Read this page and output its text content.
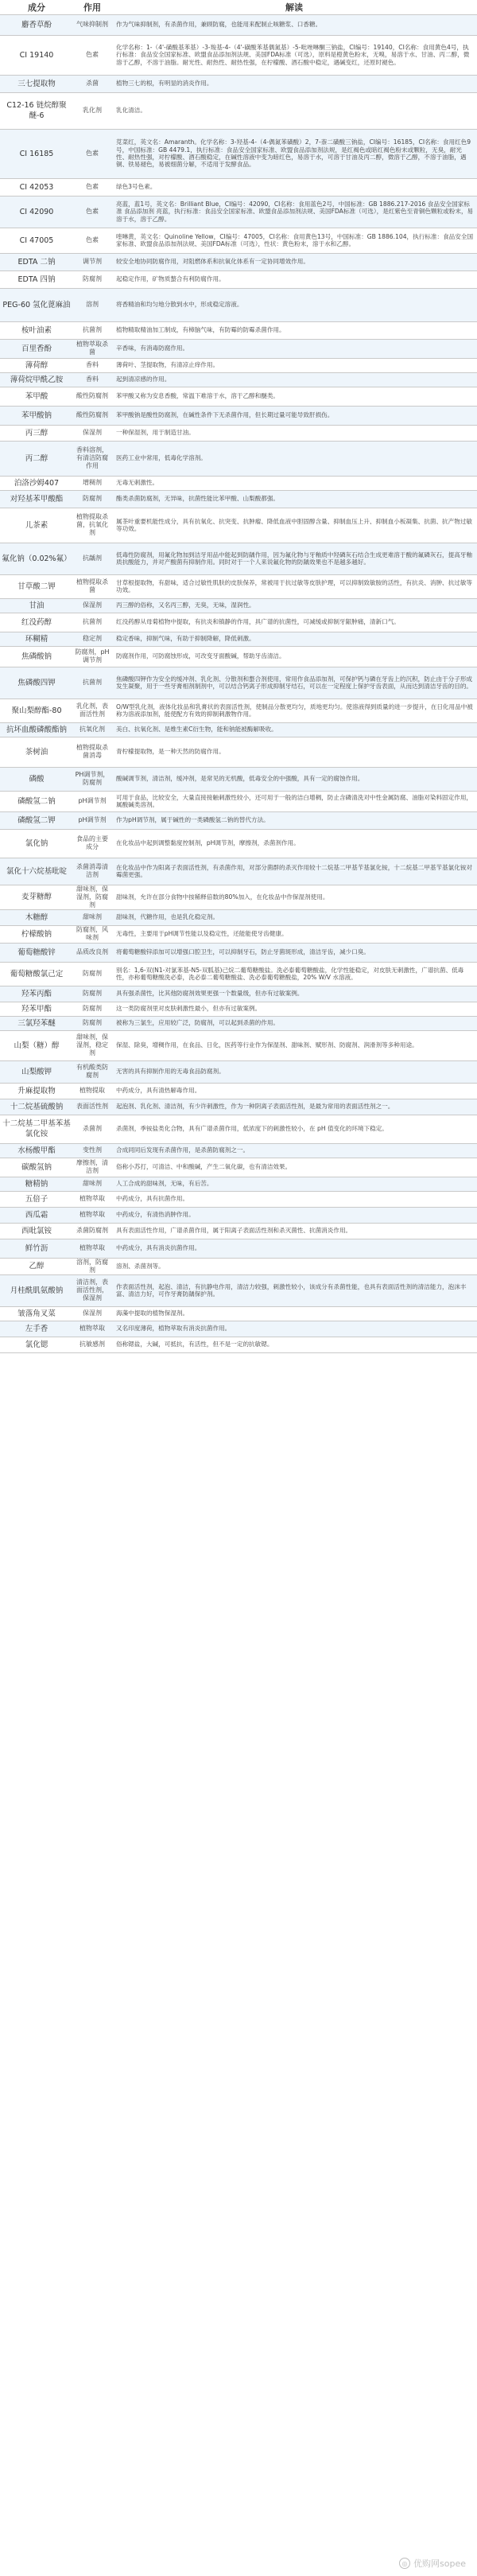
成分	作用	解读
麝香草酚	气味抑制剂	作为气味抑制剂，有杀菌作用，兼顾防腐，也能用来配制止咳糖浆、口香糖。
CI 19140	色素	化学名称：1-（4'-磺酸基苯基）-3-羧基-4-（4'-磺酸苯基偶氮基）-5-吡唑啉酮三钠盐，CI编号：19140，CI名称：食用黄色4号，执行标准：食品安全国家标准、欧盟食品添加剂法规、美国FDA标准（可选），原料是橙黄色粉末，无嗅，易溶于水、甘油、丙二醇，微溶于乙醇，不溶于油脂。耐光性、耐热性、耐热性强，在柠檬酸、酒石酸中稳定，遇碱变红，还原时褪色。
三七提取物	杀菌	植物三七的根，有明显的消炎作用。
C12-16 链烷醇聚醚-6	乳化剂	乳化清洁。
CI 16185	色素	苋菜红，英文名：Amaranth。化学名称：3-羟基-4-（4-偶氮苯磺酸）2，7-萘二磺酸三钠盐，CI编号：16185，CI名称：食用红色9号，中国标准：GB 4479.1，执行标准：食品安全国家标准、欧盟食品添加剂法规，是红褐色或暗红褐色粉末或颗粒，无臭，耐光性、耐热性强，对柠檬酸、酒石酸稳定，在碱性溶液中变为暗红色，易溶于水，可溶于甘油及丙二醇，微溶于乙醇，不溶于油脂，遇铜、铁易褪色，易被细菌分解，不适用于发酵食品。
CI 42053	色素	绿色3号色素。
CI 42090	色素	亮蓝，蓝1号，英文名：Brilliant Blue，CI编号：42090，CI名称：食用蓝色2号，中国标准：GB 1886.217-2016 食品安全国家标准 食品添加剂 亮蓝，执行标准：食品安全国家标准、欧盟食品添加剂法规、美国FDA标准（可选），是红紫色至青铜色颗粒或粉末，易溶于水，溶于乙醇。
CI 47005	色素	喹啉黄，英文名：Quinoline Yellow，CI编号：47005，CI名称：食用黄色13号，中国标准：GB 1886.104，执行标准：食品安全国家标准、欧盟食品添加剂法规、美国FDA标准（可选），性状：黄色粉末，溶于水和乙醇。
EDTA 二钠	调节剂	较安全地协同防腐作用，对阻燃体系和抗氧化体系有一定协同增效作用。
EDTA 四钠	防腐剂	起稳定作用，矿物质螯合有利防腐作用。
PEG-60 氢化蓖麻油	溶剂	将香精油和均匀地分散到水中，形成稳定溶液。
桉叶油素	抗菌剂	植物精取精油加工制成，有樟脑气味，有防霉的防霉杀菌作用。
百里香酚	植物萃取杀菌	辛香味，有消毒防腐作用。
薄荷醇	香料	薄荷叶、茎提取物，有清凉止痒作用。
薄荷烷甲酰乙胺	香料	起到清凉感的作用。
苯甲酸	酸性防腐剂	苯甲酸又称为安息香酸，常温下难溶于水，溶于乙醇和醚类。
苯甲酸钠	酸性防腐剂	苯甲酸钠是酸性防腐剂，在碱性条件下无杀菌作用，但长期过量可能导致肝损伤。
丙三醇	保湿剂	一种保湿剂，用于制造甘油。
丙二醇	香料溶剂，有清洁防腐作用	医药工业中常用，低毒化学溶剂。
泊洛沙姆407	增稠剂	无毒无刺激性。
对羟基苯甲酸酯	防腐剂	酯类杀菌防腐剂，无异味，抗菌性能比苯甲酸、山梨酸都强。
儿茶素	植物提取杀菌，抗氧化剂	属茶叶重要机能性成分，具有抗氧化、抗突变、抗肿瘤、降低血液中胆固醇含量、抑制血压上升、抑制血小板凝集、抗菌、抗产物过敏等功效。
氟化钠（0.02%氟）	抗龋剂	低毒性防腐剂，用氟化物加到洁牙用品中能起到防龋作用，因为氟化物与牙釉质中羟磷灰石结合生成更难溶于酸的氟磷灰石，提高牙釉质抗酸能力，并对产酸菌有抑制作用。同时对于一个人来说氟化物的防龋效果也不是越多越好。
甘草酸二钾	植物提取杀菌	甘草根提取物，有甜味，适合过敏性肌肤的皮肤保养，常被用于抗过敏等皮肤护理，可以抑制致敏胺的活性，有抗炎、消肿、抗过敏等功效。
甘油	保湿剂	丙三醇的俗称，又名丙三醇，无臭，无味，湿润性。
红没药醇	抗菌剂	红没药醇从母菊植物中提取，有抗炎和镇静的作用，具广谱的抗菌性，可减缓或抑制牙龈肿痛，清新口气。
环糊精	稳定剂	稳定香味，抑制气味，有助于抑制降解，降低刺激。
焦磷酸钠	防腐剂，pH调节剂	防腐剂作用，可防腐蚀形成，可改变牙面酸碱，帮助牙齿清洁。
焦磷酸四钾	抗菌剂	焦磷酸四钾作为安全的缓冲剂、乳化剂、分散剂和螯合剂使用，常用作食品添加剂，可保护钙与磷在牙齿上的沉积，防止由于分子形成发生凝聚，用于一些牙膏相剂制剂中，可以结合钙离子形成抑制牙结石，可以在一定程度上保护牙齿表面，从而达到清洁牙齿的目的。
聚山梨醇酯-80	乳化剂，表面活性剂	O/W型乳化剂，液体化妆品和乳膏状的表面活性剂，使制品分散更均匀，质地更均匀。使溶液得到质量的进一步提升，在日化用品中被称为溶液添加剂，能使配方有效的抑制刺激物作用。
抗坏血酸磷酸酯钠	抗氧化剂	美白、抗氧化剂、是维生素C衍生物，能和钠能被酶解吸收。
茶树油	植物提取杀菌消毒	青柠檬提取物，是一种天然的防腐作用。
磷酸	PH调节剂，防腐剂	酸碱调节剂，清洁剂，缓冲剂，是常见的无机酸，低毒安全的中强酸，具有一定的腐蚀作用。
磷酸氢二钠	pH调节剂	可用于食品，比较安全，大量直接接触刺激性较小，还可用于一般的洁白增稠，防止含磷清洗对中性金属防腐、油脂对染料固定作用，属酸碱类溶剂。
磷酸氢二钾	pH调节剂	作为pH调节剂，属于碱性的一类磷酸氢二钠的替代方法。
氯化钠	食品的主要成分	在化妆品中起到调整黏度控制剂，pH调节剂，摩擦剂，杀菌剂作用。
氯化十六烷基吡啶	杀菌消毒清洁剂	在化妆品中作为阳离子表面活性剂，有杀菌作用，对部分菌群的杀灭作用较十二烷基二甲基苄基氯化铵，十二烷基二甲基苄基氯化铵对霉菌更强。
麦芽糖醇	甜味剂，保湿剂，防腐剂	甜味剂，允许在部分食物中按稀释倍数的80%加入，在化妆品中作保湿剂使用。
木糖醇	甜味剂	甜味剂，代糖作用，也是乳化稳定剂。
柠檬酸钠	防腐剂，风味剂	无毒性，主要用于pH调节性能以及稳定性，还能能使牙齿健康。
葡萄糖酸锌	品质改良剂	将葡萄糖酸锌添加可以增强口腔卫生，可以抑制牙石，防止牙菌斑形成，清洁牙齿，减少口臭。
葡萄糖酸氯己定	防腐剂	别名：1,6-双(N1-对氯苯基-N5-双胍基)己烷二葡萄糖酸盐。洗必泰葡萄糖酸盐，化学性能稳定，对皮肤无刺激性，广谱抗菌、低毒性，亦称葡萄糖酸洗必泰，洗必泰二葡萄糖酸盐、洗必泰葡萄糖酸盐，20% W/V 水溶液。
羟苯丙酯	防腐剂	具有强杀菌性，比其他防腐剂效果更强一个数量级，但亦有过敏案例。
羟苯甲酯	防腐剂	这一类防腐剂里对皮肤刺激性最小，但亦有过敏案例。
三氯羟苯醚	防腐剂	被称为三氯生，应用较广泛，防腐剂，可以起到杀菌的作用。
山梨（糖）醇	甜味剂，保湿剂，稳定剂	保湿、除臭，增稠作用，在食品、日化，医药等行业作为保湿剂、甜味剂、赋形剂、防腐剂、润滑剂等多种用途。
山梨酸钾	有机酸类防腐剂	无害的具有抑制作用的无毒食品防腐剂。
升麻提取物	植物提取	中药成分，具有清热解毒作用。
十二烷基硫酸钠	表面活性剂	起泡剂、乳化剂、清洁剂，有少许刺激性，作为一种阴离子表面活性剂，是最为常用的表面活性剂之一。
十二烷基二甲基苯基氯化铵	杀菌剂	杀菌剂，季铵盐类化合物，具有广谱杀菌作用，低浓度下的刺激性较小，在 pH 值变化的环境下稳定。
水杨酸甲酯	变性剂	合成同同后发现有杀菌作用，是杀菌防腐剂之一。
碳酸氢钠	摩擦剂，清洁剂	俗称小苏打，可清洁、中和酸碱，产生二氧化碳，也有清洁效果。
糖精钠	甜味剂	人工合成的甜味剂，无味，有后苦。
五倍子	植物萃取	中药成分，具有抗菌作用。
西瓜霜	植物萃取	中药成分，有清热消肿作用。
西吡氯铵	杀菌防腐剂	具有表面活性作用，广谱杀菌作用，属于阳离子表面活性剂和杀灭菌性、抗菌消炎作用。
鲜竹沥	植物萃取	中药成分，具有消炎抗菌作用。
乙醇	溶剂，防腐剂	溶剂、杀菌剂等。
月桂酰肌氨酸钠	清洁剂，表面活性剂，保湿剂	作表面活性剂，起泡、清洁，有抗静电作用，清洁力较强，刺激性较小，该成分有杀菌性能，也具有表面活性剂的清洁能力，泡沫丰富、清洁力好，可作牙膏防龋保护剂。
皱落角叉菜	保湿剂	海藻中提取的植物保湿剂。
左手香	植物萃取	又名印度薄荷，植物萃取有消炎抗菌作用。
氯化锶	抗敏感剂	俗称锶盐，大碱，可抵抗，有活性，但不是一定的抗敏锶。
◎ 优购网sopee
